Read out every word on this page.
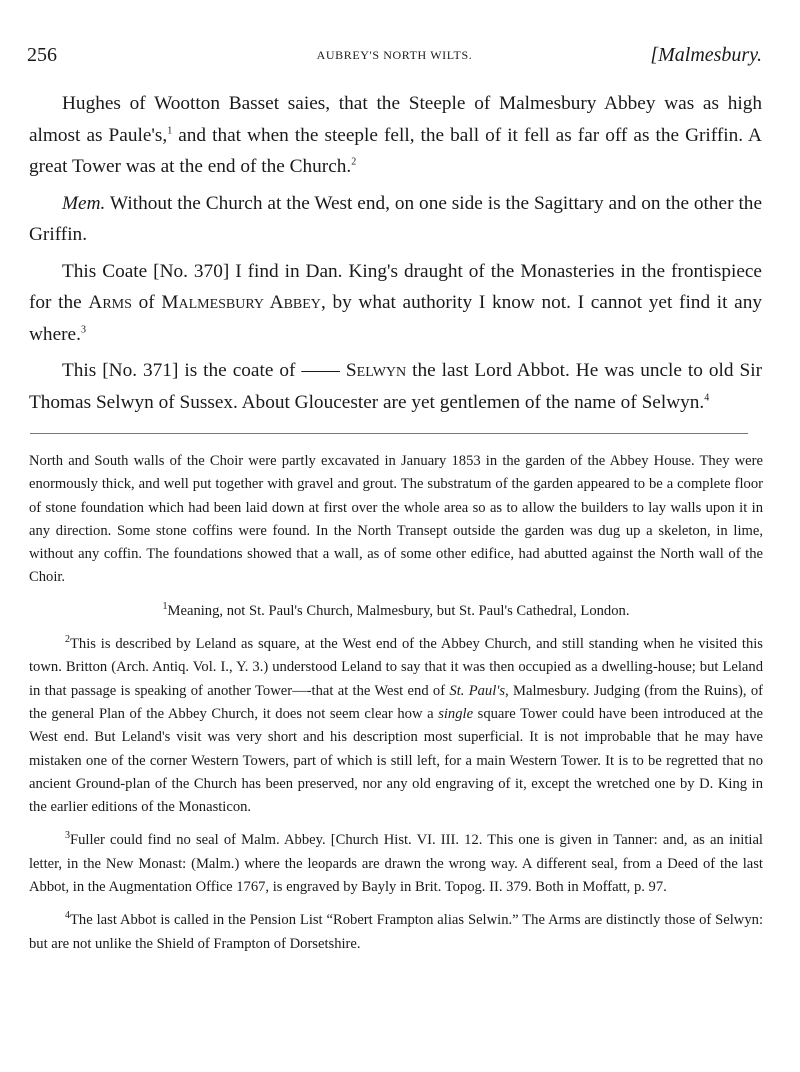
256	AUBREY'S NORTH WILTS.	[Malmesbury.

Hughes of Wootton Basset saies, that the Steeple of Malmesbury Abbey was as high almost as Paule's,$^1$ and that when the steeple fell, the ball of it fell as far off as the Griffin. A great Tower was at the end of the Church.$^2$

Mem. Without the Church at the West end, on one side is the Sagittary and on the other the Griffin.

This Coate [No. 370] I find in Dan. King's draught of the Monasteries in the frontispiece for the Arms of Malmesbury Abbey, by what authority I know not. I cannot yet find it any where.$^3$

This [No. 371] is the coate of —— Selwyn the last Lord Abbot. He was uncle to old Sir Thomas Selwyn of Sussex. About Gloucester are yet gentlemen of the name of Selwyn.$^4$

North and South walls of the Choir were partly excavated in January 1853 in the garden of the Abbey House. They were enormously thick, and well put together with gravel and grout. The substratum of the garden appeared to be a complete floor of stone foundation which had been laid down at first over the whole area so as to allow the builders to lay walls upon it in any direction. Some stone coffins were found. In the North Transept outside the garden was dug up a skeleton, in lime, without any coffin. The foundations showed that a wall, as of some other edifice, had abutted against the North wall of the Choir.

$^1$Meaning, not St. Paul's Church, Malmesbury, but St. Paul's Cathedral, London.

$^2$This is described by Leland as square, at the West end of the Abbey Church, and still standing when he visited this town. Britton (Arch. Antiq. Vol. I., Y. 3.) understood Leland to say that it was then occupied as a dwelling-house; but Leland in that passage is speaking of another Tower—-that at the West end of St. Paul's, Malmesbury. Judging (from the Ruins), of the general Plan of the Abbey Church, it does not seem clear how a single square Tower could have been introduced at the West end. But Leland's visit was very short and his description most superficial. It is not improbable that he may have mistaken one of the corner Western Towers, part of which is still left, for a main Western Tower. It is to be regretted that no ancient Ground-plan of the Church has been preserved, nor any old engraving of it, except the wretched one by D. King in the earlier editions of the Monasticon.

$^3$Fuller could find no seal of Malm. Abbey. [Church Hist. VI. III. 12. This one is given in Tanner: and, as an initial letter, in the New Monast: (Malm.) where the leopards are drawn the wrong way. A different seal, from a Deed of the last Abbot, in the Augmentation Office 1767, is engraved by Bayly in Brit. Topog. II. 379. Both in Moffatt, p. 97.

$^4$The last Abbot is called in the Pension List “Robert Frampton alias Selwin.” The Arms are distinctly those of Selwyn: but are not unlike the Shield of Frampton of Dorsetshire.
